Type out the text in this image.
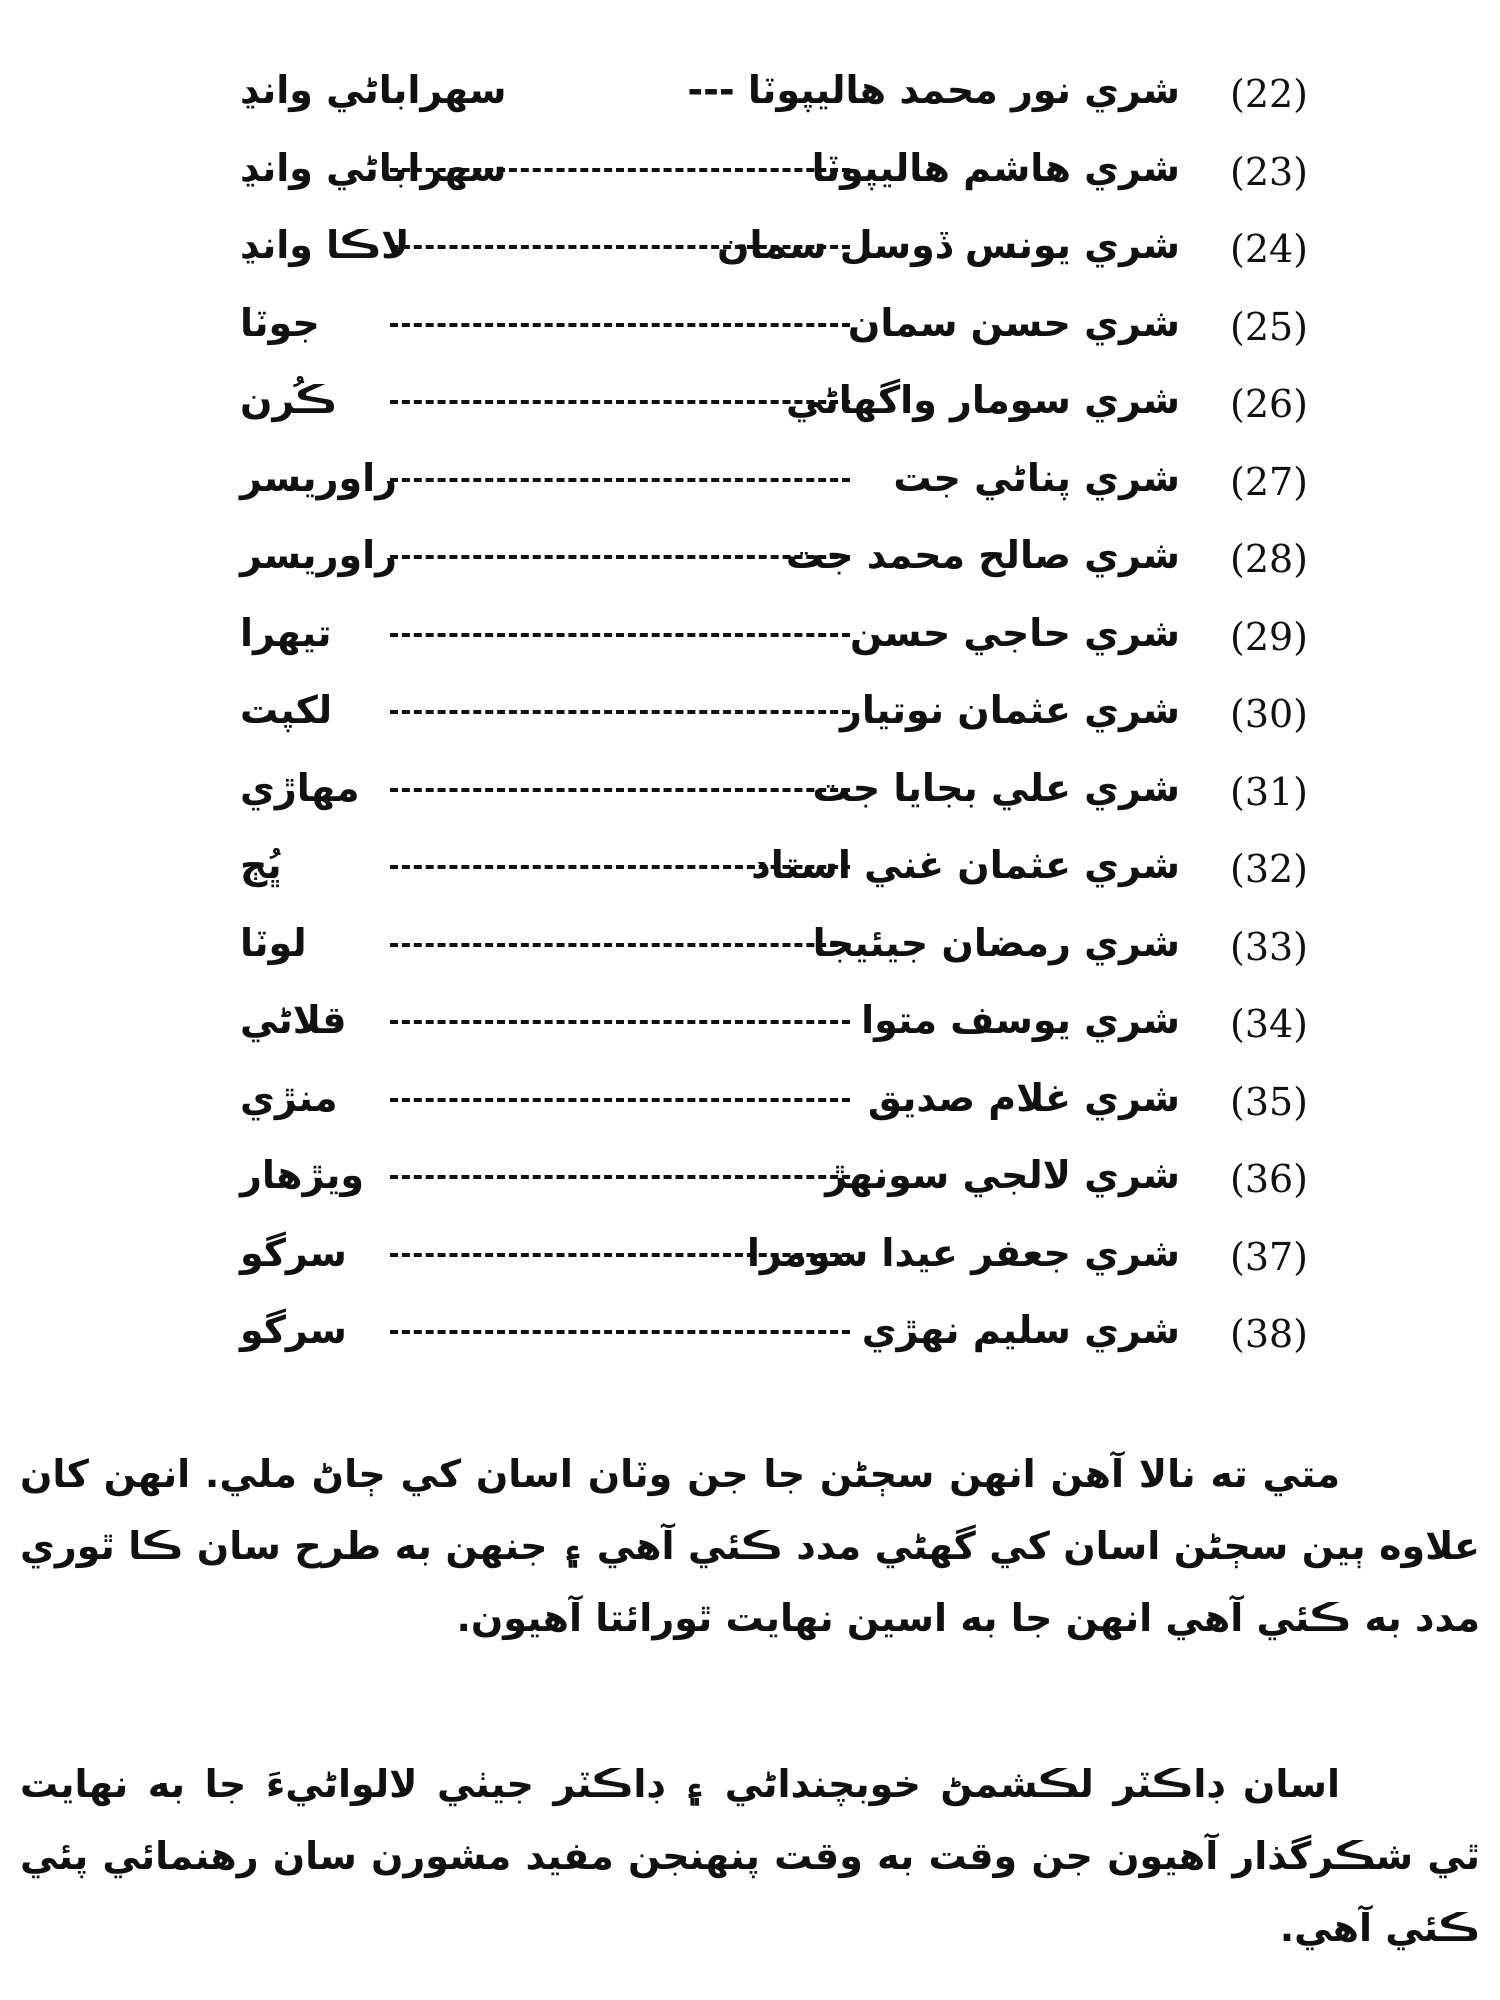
(22)
شري نور محمد هاليپوٽا ---
سهراباڻي وانڍ
(23)
شري هاشم هاليپوٽا
سهراباڻي وانڍ
(24)
شري يونس ڏوسل سمان
لاڪا وانڍ
(25)
شري حسن سمان
جوٽا
(26)
شري سومار واگهاڻي
ڪُرن
(27)
شري پناڻي جت
راوريسر
(28)
شري صالح محمد جت
راوريسر
(29)
شري حاجي حسن
تيهرا
(30)
شري عثمان نوتيار
لکپت
(31)
شري علي بجايا جت
مهاڙي
(32)
شري عثمان غني استاد
ڀُڄ
(33)
شري رمضان جيئيجا
لوٽا
(34)
شري يوسف متوا
قلاڻي
(35)
شري غلام صديق
منڙي
(36)
شري لالجي سونهڙ
ويڙهار
(37)
شري جعفر عيدا سومرا
سرگو
(38)
شري سليم نهڙي
سرگو

متي ته نالا آهن انهن سڄڻن جا جن وٽان اسان کي ڄاڻ ملي. انهن کان علاوه ٻين سڄڻن اسان کي گهڻي مدد ڪئي آهي ۽ جنهن به طرح سان ڪا ٿوري مدد به ڪئي آهي انهن جا به اسين نهايت ٿورائتا آهيون.

اسان ڊاڪٽر لڪشمڻ خوبچنداڻي ۽ ڊاڪٽر جيٺي لالواڻيءَ جا به نهايت ٿي شڪرگذار آهيون جن وقت به وقت پنهنجن مفيد مشورن سان رهنمائي پئي ڪئي آهي.
